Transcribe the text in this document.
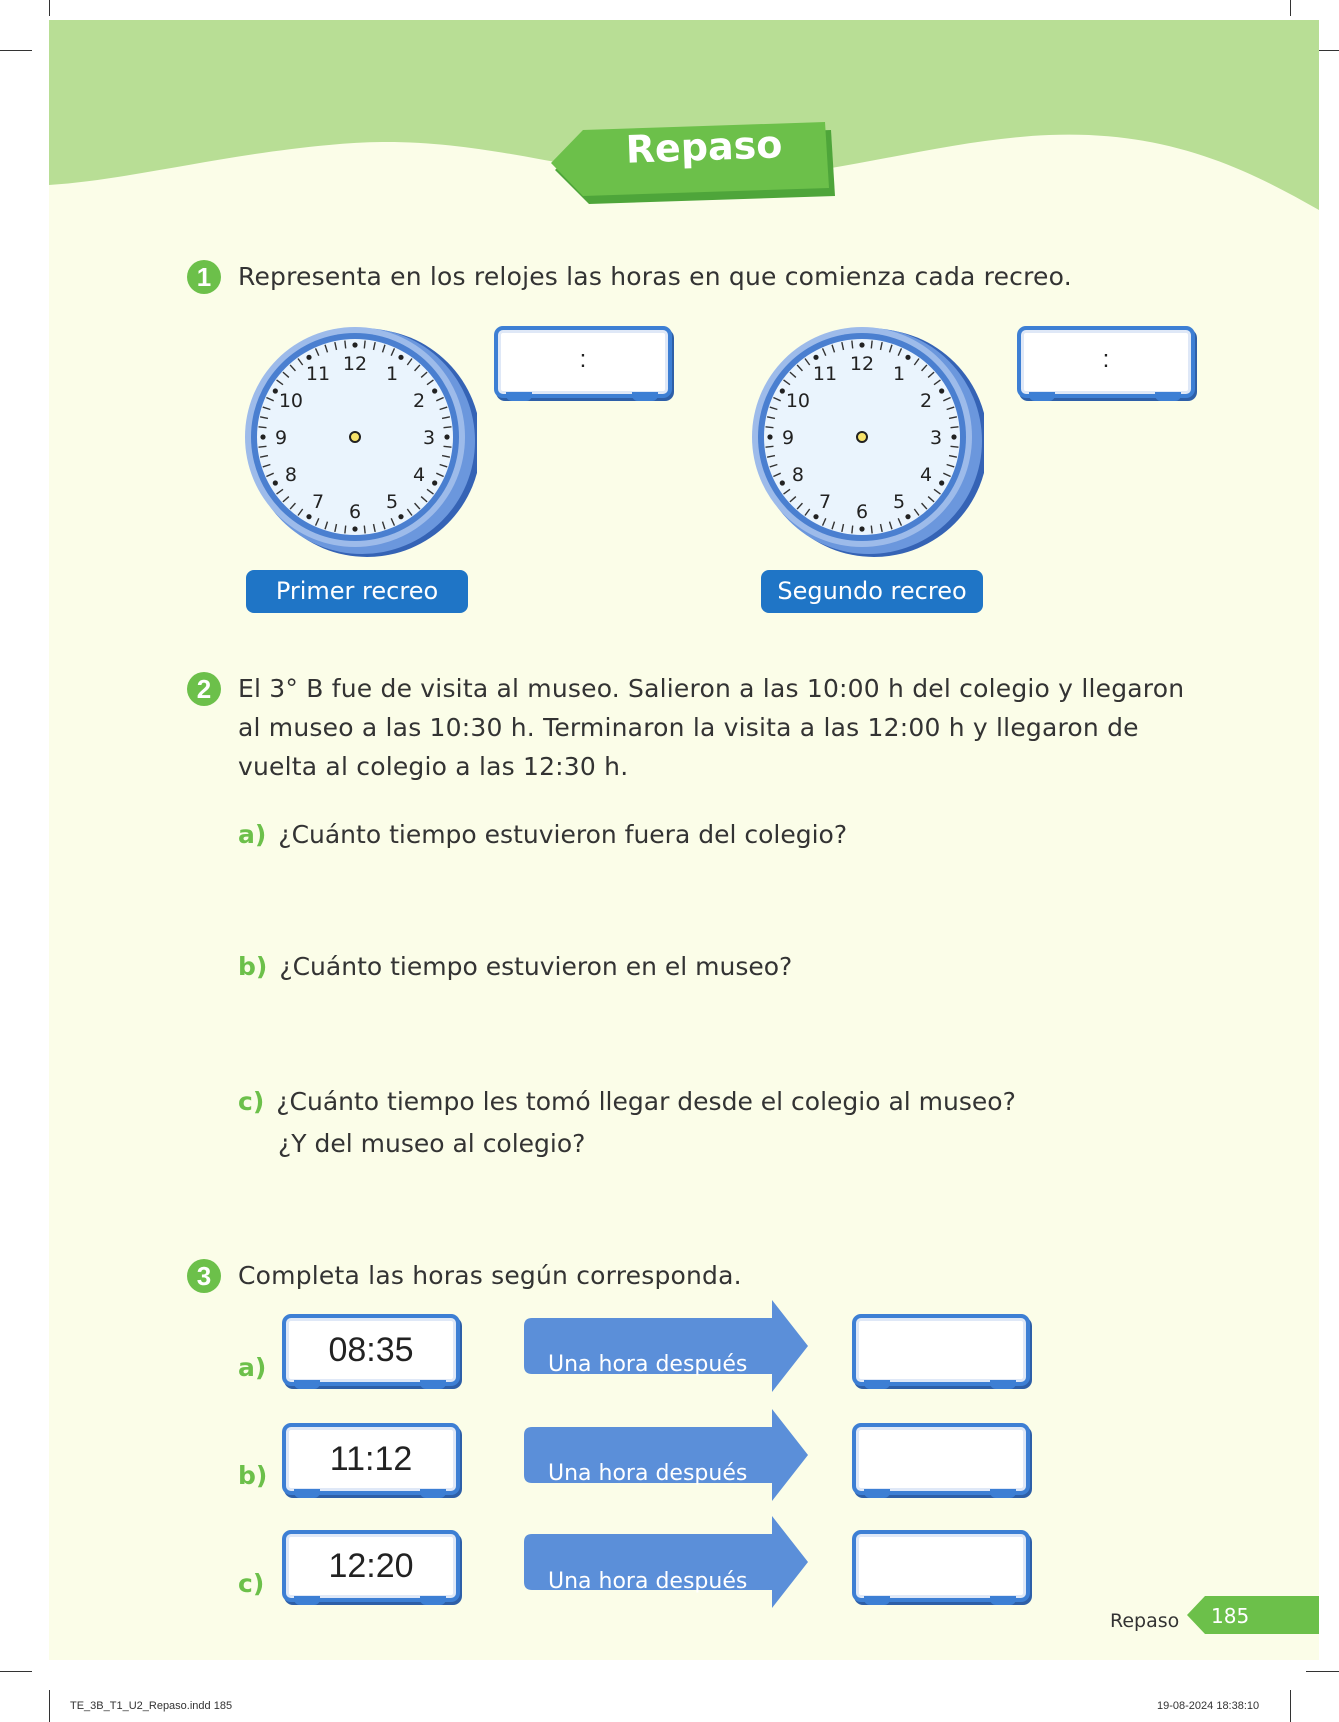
Repaso
1	Representa en los relojes las horas en que comienza cada recreo.
12 1
2
3
4
5
6
7
8
9
10
11
Primer recreo
12 1
2
3
4
5
6
7
8
9
10
11
Segundo recreo
:	:
2	El 3° B fue de visita al museo. Salieron a las 10:00 h del colegio y llegaron
al museo a las 10:30 h. Terminaron la visita a las 12:00 h y llegaron de
vuelta al colegio a las 12:30 h.
a) ¿Cuánto tiempo estuvieron fuera del colegio?
b) ¿Cuánto tiempo estuvieron en el museo?
c) ¿Cuánto tiempo les tomó llegar desde el colegio al museo?
¿Y del museo al colegio?
3	Completa las horas según corresponda.
a)	08:35	Una hora después
b)	11:12	Una hora después
c)	12:20	Una hora después
Repaso 185
TE_3B_T1_U2_Repaso.indd 185	19-08-2024 18:38:10
